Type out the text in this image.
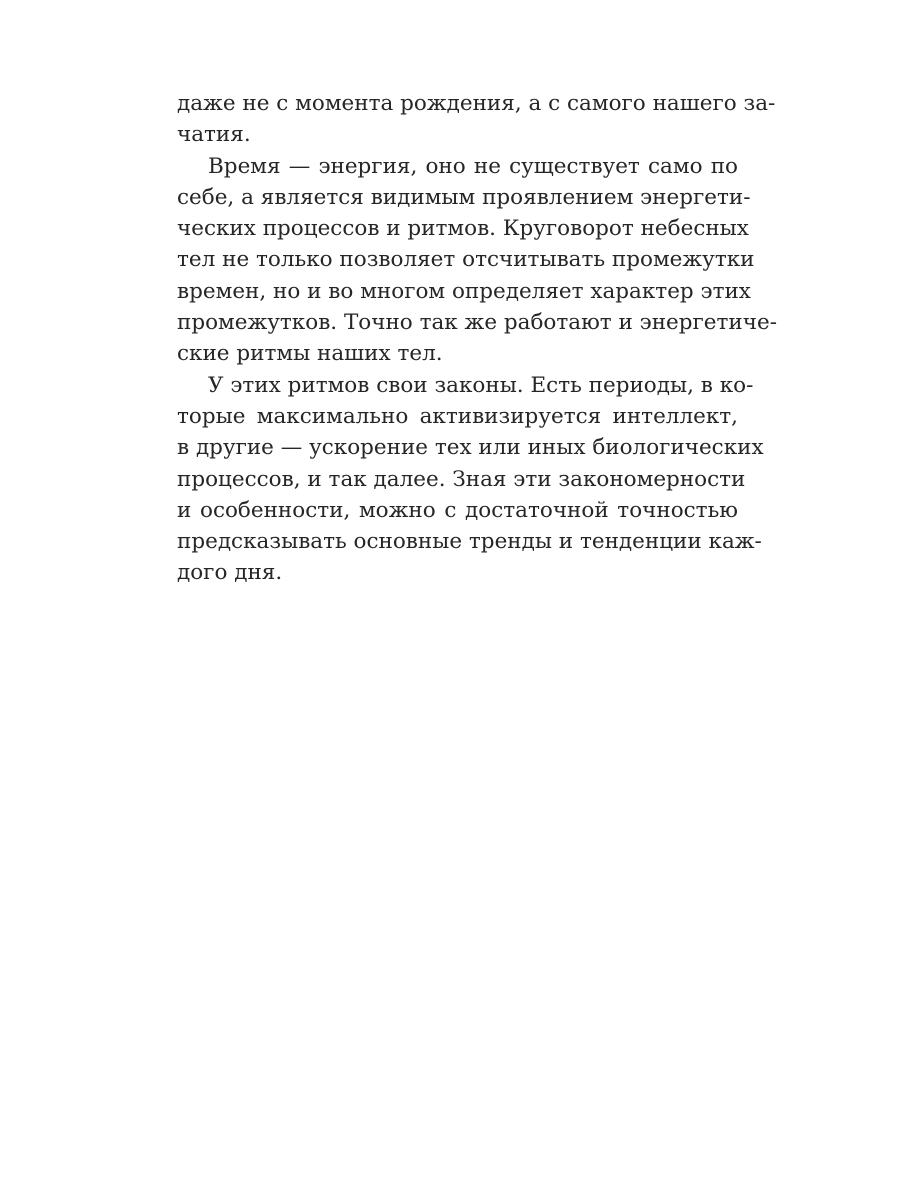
даже не с момента рождения, а с самого нашего за-
чатия.
Время — энергия, оно не существует само по
себе, а является видимым проявлением энергети-
ческих процессов и ритмов. Круговорот небесных
тел не только позволяет отсчитывать промежутки
времен, но и во многом определяет характер этих
промежутков. Точно так же работают и энергетиче-
ские ритмы наших тел.
У этих ритмов свои законы. Есть периоды, в ко-
торые максимально активизируется интеллект,
в другие — ускорение тех или иных биологических
процессов, и так далее. Зная эти закономерности
и особенности, можно с достаточной точностью
предсказывать основные тренды и тенденции каж-
дого дня.
